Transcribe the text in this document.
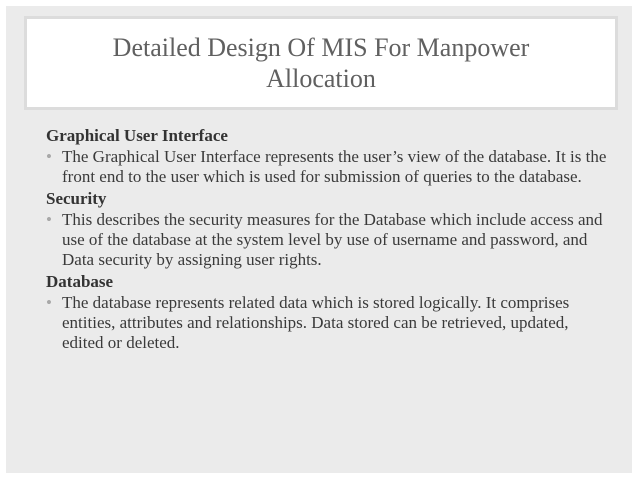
Detailed Design Of MIS For Manpower Allocation

Graphical User Interface

• The Graphical User Interface represents the user’s view of the database. It is the front end to the user which is used for submission of queries to the database.

Security

• This describes the security measures for the Database which include access and use of the database at the system level by use of username and password, and Data security by assigning user rights.

Database

• The database represents related data which is stored logically. It comprises entities, attributes and relationships. Data stored can be retrieved, updated, edited or deleted.
